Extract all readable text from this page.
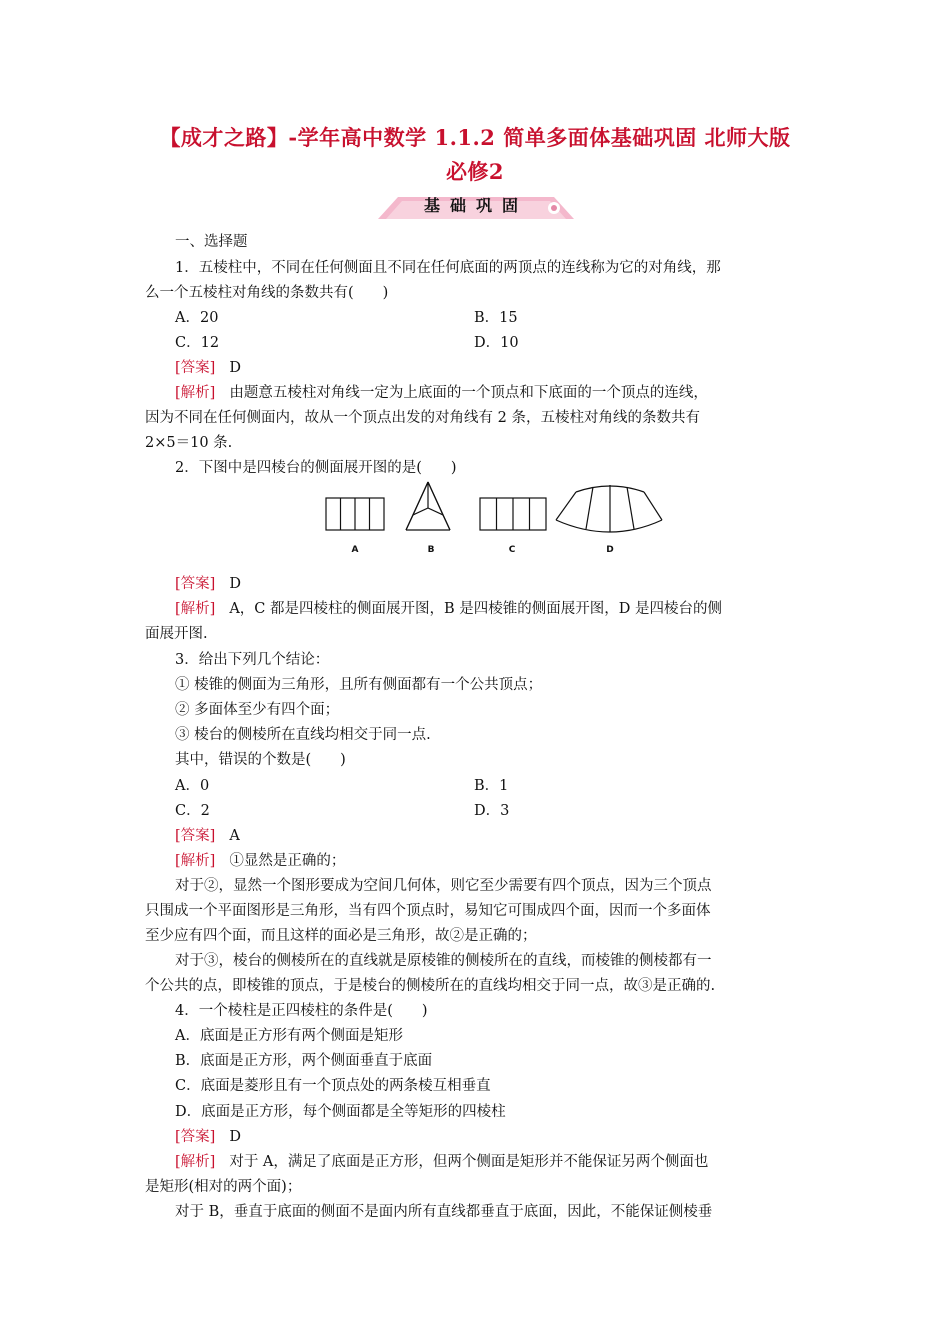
【成才之路】-学年高中数学 1.1.2 简单多面体基础巩固 北师大版
必修2
基础巩固
一、选择题
1．五棱柱中，不同在任何侧面且不同在任何底面的两顶点的连线称为它的对角线，那
么一个五棱柱对角线的条数共有(　　)
A．20	B．15
C．12	D．10
[答案] D
[解析] 由题意五棱柱对角线一定为上底面的一个顶点和下底面的一个顶点的连线，
因为不同在任何侧面内，故从一个顶点出发的对角线有 2 条，五棱柱对角线的条数共有
2×5＝10 条.
2．下图中是四棱台的侧面展开图的是(　　)
A	B	C	D
[答案] D
[解析] A，C 都是四棱柱的侧面展开图，B 是四棱锥的侧面展开图，D 是四棱台的侧
面展开图.
3．给出下列几个结论：
① 棱锥的侧面为三角形，且所有侧面都有一个公共顶点；
② 多面体至少有四个面；
③ 棱台的侧棱所在直线均相交于同一点.
其中，错误的个数是(　　)
A．0	B．1
C．2	D．3
[答案] A
[解析] ①显然是正确的；
对于②，显然一个图形要成为空间几何体，则它至少需要有四个顶点，因为三个顶点
只围成一个平面图形是三角形，当有四个顶点时，易知它可围成四个面，因而一个多面体
至少应有四个面，而且这样的面必是三角形，故②是正确的；
对于③，棱台的侧棱所在的直线就是原棱锥的侧棱所在的直线，而棱锥的侧棱都有一
个公共的点，即棱锥的顶点，于是棱台的侧棱所在的直线均相交于同一点，故③是正确的.
4．一个棱柱是正四棱柱的条件是(　　)
A．底面是正方形有两个侧面是矩形
B．底面是正方形，两个侧面垂直于底面
C．底面是菱形且有一个顶点处的两条棱互相垂直
D．底面是正方形，每个侧面都是全等矩形的四棱柱
[答案] D
[解析] 对于 A，满足了底面是正方形，但两个侧面是矩形并不能保证另两个侧面也
是矩形(相对的两个面)；
对于 B，垂直于底面的侧面不是面内所有直线都垂直于底面，因此，不能保证侧棱垂
